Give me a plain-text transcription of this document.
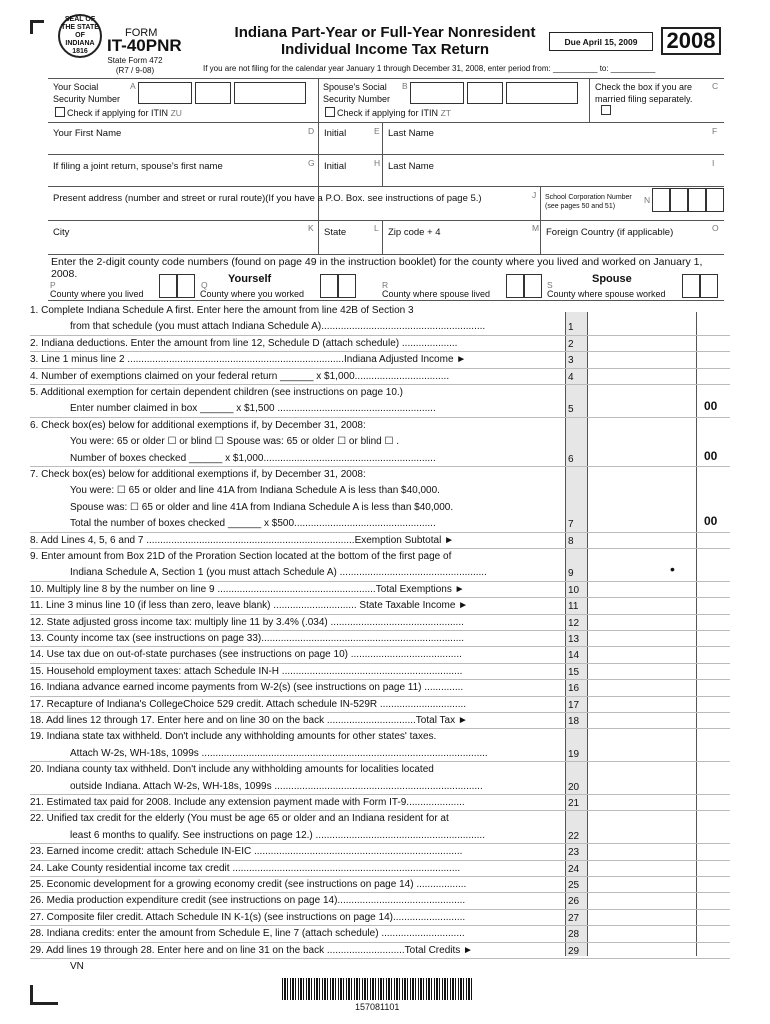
SEAL OF THE STATE OF INDIANA 1816
FORM
IT-40PNR
State Form 472
(R7 / 9-08)
Indiana Part-Year or Full-Year Nonresident
Individual Income Tax Return	Due April 15, 2009	2008
If you are not filing for the calendar year January 1 through December 31, 2008, enter period from: __________ to: __________
Your Social Security Number
A
Check if applying for ITIN ZU
Spouse's Social Security Number
B
Check if applying for ITIN ZT
Check the box if you are married filing separately.
C
Your First Name	D Initial	E Last Name	F
If filing a joint return, spouse's first name	G Initial	H Last Name	I
Present address (number and street or rural route)(If you have a P.O. Box. see instructions of page 5.)	J School Corporation Number (see pages 50 and 51)
N
City	K State	L Zip code + 4	M Foreign Country (if applicable)	O
Enter the 2-digit county code numbers (found on page 49 in the instruction booklet) for the county where you lived and worked on January 1, 2008.
P
County where you lived
Q Yourself
County where you worked
R
County where spouse lived
S	Spouse
County where spouse worked
1. Complete Indiana Schedule A first. Enter here the amount from line 42B of Section 3
from that schedule (you must attach Indiana Schedule A)...........................................................	1
2. Indiana deductions. Enter the amount from line 12, Schedule D (attach schedule) ....................	2
3. Line 1 minus line 2 ..............................................................................Indiana Adjusted Income ►	3
4. Number of exemptions claimed on your federal return ______ x $1,000..................................	4
5. Additional exemption for certain dependent children (see instructions on page 10.)
Enter number claimed in box ______ x $1,500 .........................................................	5	00
6. Check box(es) below for additional exemptions if, by December 31, 2008:
You were: 65 or older ☐ or blind ☐ Spouse was: 65 or older ☐ or blind ☐ .
Number of boxes checked ______ x $1,000..............................................................	6	00
7. Check box(es) below for additional exemptions if, by December 31, 2008:
You were: ☐ 65 or older and line 41A from Indiana Schedule A is less than $40,000.
Spouse was: ☐ 65 or older and line 41A from Indiana Schedule A is less than $40,000.
Total the number of boxes checked ______ x $500...................................................	7	00
8. Add Lines 4, 5, 6 and 7 ...........................................................................Exemption Subtotal ►	8
9. Enter amount from Box 21D of the Proration Section located at the bottom of the first page of
Indiana Schedule A, Section 1 (you must attach Schedule A) .....................................................	9	•
10. Multiply line 8 by the number on line 9 .........................................................Total Exemptions ►	10
11. Line 3 minus line 10 (if less than zero, leave blank) .............................. State Taxable Income ►	11
12. State adjusted gross income tax: multiply line 11 by 3.4% (.034) ................................................	12
13. County income tax (see instructions on page 33).........................................................................	13
14. Use tax due on out-of-state purchases (see instructions on page 10) ........................................	14
15. Household employment taxes: attach Schedule IN-H .................................................................	15
16. Indiana advance earned income payments from W-2(s) (see instructions on page 11) ..............	16
17. Recapture of Indiana's CollegeChoice 529 credit. Attach schedule IN-529R ...............................	17
18. Add lines 12 through 17. Enter here and on line 30 on the back ................................Total Tax ►	18
19. Indiana state tax withheld. Don't include any withholding amounts for other states' taxes.
Attach W-2s, WH-18s, 1099s .......................................................................................................	19
20. Indiana county tax withheld. Don't include any withholding amounts for localities located
outside Indiana. Attach W-2s, WH-18s, 1099s ...........................................................................	20
21. Estimated tax paid for 2008. Include any extension payment made with Form IT-9.....................	21
22. Unified tax credit for the elderly (You must be age 65 or older and an Indiana resident for at
least 6 months to qualify. See instructions on page 12.) .............................................................	22
23. Earned income credit: attach Schedule IN-EIC ...........................................................................	23
24. Lake County residential income tax credit ..................................................................................	24
25. Economic development for a growing economy credit (see instructions on page 14) ..................	25
26. Media production expenditure credit (see instructions on page 14)..............................................	26
27. Composite filer credit. Attach Schedule IN K-1(s) (see instructions on page 14)..........................	27
28. Indiana credits: enter the amount from Schedule E, line 7 (attach schedule) ..............................	28
29. Add lines 19 through 28. Enter here and on line 31 on the back ............................Total Credits ►	29
VN
157081101
